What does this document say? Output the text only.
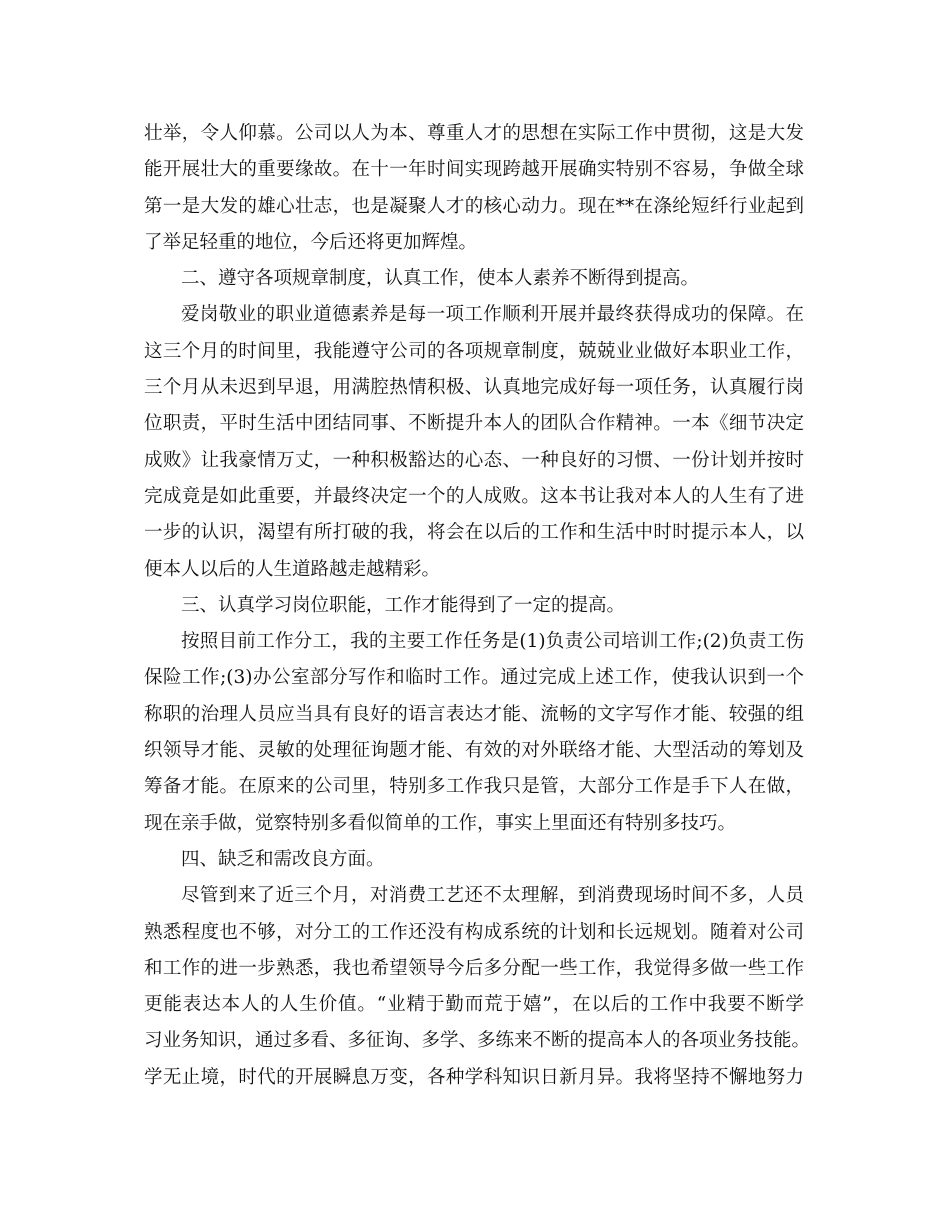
壮举，令人仰慕。公司以人为本、尊重人才的思想在实际工作中贯彻，这是大发
能开展壮大的重要缘故。在十一年时间实现跨越开展确实特别不容易，争做全球
第一是大发的雄心壮志，也是凝聚人才的核心动力。现在**在涤纶短纤行业起到
了举足轻重的地位，今后还将更加辉煌。
二、遵守各项规章制度，认真工作，使本人素养不断得到提高。
爱岗敬业的职业道德素养是每一项工作顺利开展并最终获得成功的保障。在
这三个月的时间里，我能遵守公司的各项规章制度，兢兢业业做好本职业工作，
三个月从未迟到早退，用满腔热情积极、认真地完成好每一项任务，认真履行岗
位职责，平时生活中团结同事、不断提升本人的团队合作精神。一本《细节决定
成败》让我豪情万丈，一种积极豁达的心态、一种良好的习惯、一份计划并按时
完成竟是如此重要，并最终决定一个的人成败。这本书让我对本人的人生有了进
一步的认识，渴望有所打破的我，将会在以后的工作和生活中时时提示本人，以
便本人以后的人生道路越走越精彩。
三、认真学习岗位职能，工作才能得到了一定的提高。
按照目前工作分工，我的主要工作任务是(1)负责公司培训工作;(2)负责工伤
保险工作;(3)办公室部分写作和临时工作。通过完成上述工作，使我认识到一个
称职的治理人员应当具有良好的语言表达才能、流畅的文字写作才能、较强的组
织领导才能、灵敏的处理征询题才能、有效的对外联络才能、大型活动的筹划及
筹备才能。在原来的公司里，特别多工作我只是管，大部分工作是手下人在做，
现在亲手做，觉察特别多看似简单的工作，事实上里面还有特别多技巧。
四、缺乏和需改良方面。
尽管到来了近三个月，对消费工艺还不太理解，到消费现场时间不多，人员
熟悉程度也不够，对分工的工作还没有构成系统的计划和长远规划。随着对公司
和工作的进一步熟悉，我也希望领导今后多分配一些工作，我觉得多做一些工作
更能表达本人的人生价值。“业精于勤而荒于嬉”，在以后的工作中我要不断学
习业务知识，通过多看、多征询、多学、多练来不断的提高本人的各项业务技能。
学无止境，时代的开展瞬息万变，各种学科知识日新月异。我将坚持不懈地努力
